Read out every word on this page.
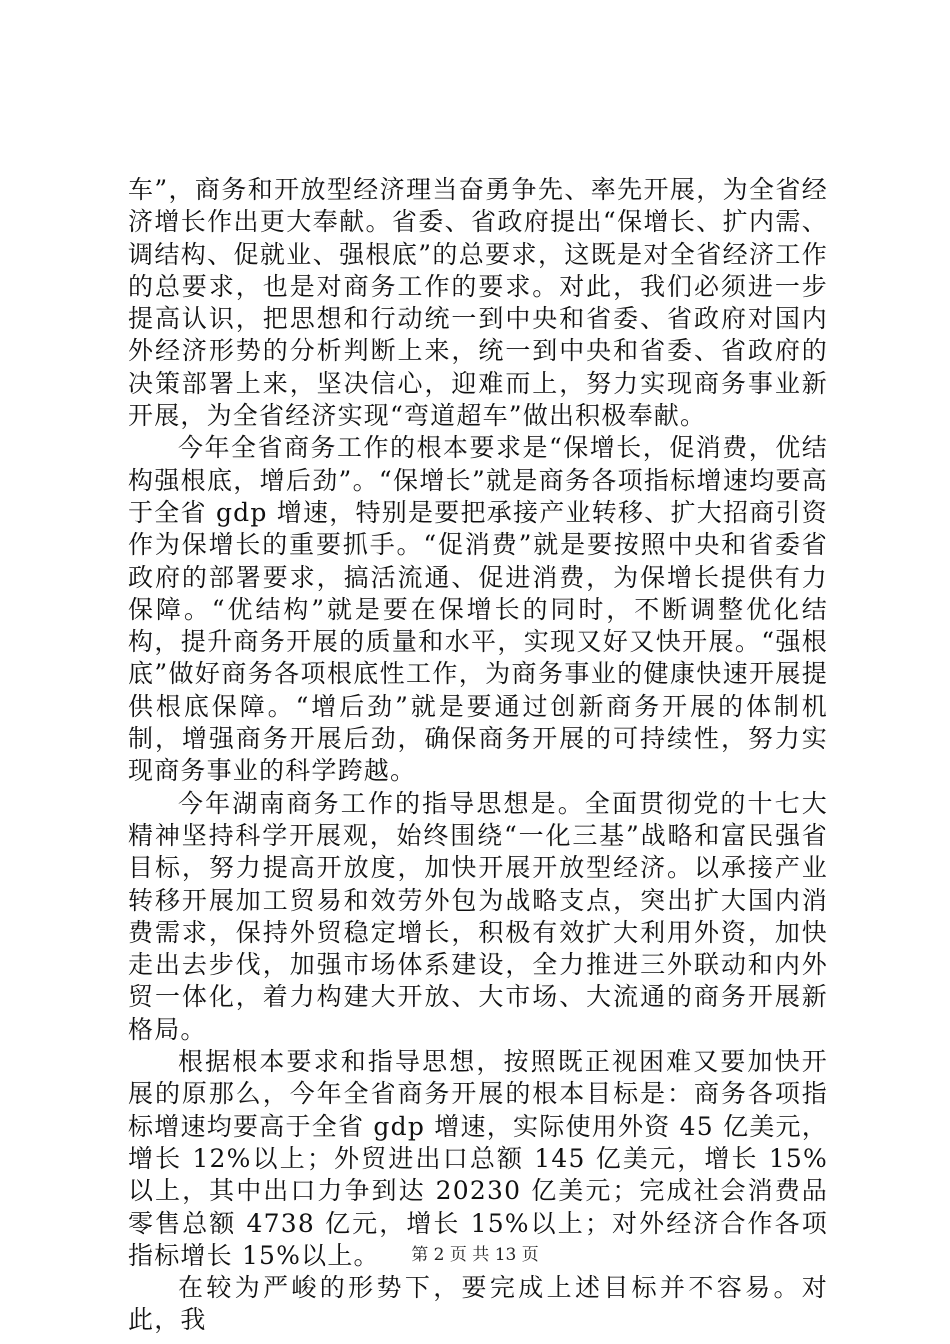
车”，商务和开放型经济理当奋勇争先、率先开展，为全省经济增长作出更大奉献。省委、省政府提出“保增长、扩内需、调结构、促就业、强根底”的总要求，这既是对全省经济工作的总要求，也是对商务工作的要求。对此，我们必须进一步提高认识，把思想和行动统一到中央和省委、省政府对国内外经济形势的分析判断上来，统一到中央和省委、省政府的决策部署上来，坚决信心，迎难而上，努力实现商务事业新开展，为全省经济实现“弯道超车”做出积极奉献。

今年全省商务工作的根本要求是“保增长，促消费，优结构强根底，增后劲”。“保增长”就是商务各项指标增速均要高于全省 gdp 增速，特别是要把承接产业转移、扩大招商引资作为保增长的重要抓手。“促消费”就是要按照中央和省委省政府的部署要求，搞活流通、促进消费，为保增长提供有力保障。“优结构”就是要在保增长的同时，不断调整优化结构，提升商务开展的质量和水平，实现又好又快开展。“强根底”做好商务各项根底性工作，为商务事业的健康快速开展提供根底保障。“增后劲”就是要通过创新商务开展的体制机制，增强商务开展后劲，确保商务开展的可持续性，努力实现商务事业的科学跨越。

今年湖南商务工作的指导思想是。全面贯彻党的十七大精神坚持科学开展观，始终围绕“一化三基”战略和富民强省目标，努力提高开放度，加快开展开放型经济。以承接产业转移开展加工贸易和效劳外包为战略支点，突出扩大国内消费需求，保持外贸稳定增长，积极有效扩大利用外资，加快走出去步伐，加强市场体系建设，全力推进三外联动和内外贸一体化，着力构建大开放、大市场、大流通的商务开展新格局。

根据根本要求和指导思想，按照既正视困难又要加快开展的原那么，今年全省商务开展的根本目标是：商务各项指标增速均要高于全省 gdp 增速，实际使用外资 45 亿美元，增长 12%以上；外贸进出口总额 145 亿美元，增长 15%以上，其中出口力争到达 20230 亿美元；完成社会消费品零售总额 4738 亿元，增长 15%以上；对外经济合作各项指标增长 15%以上。

在较为严峻的形势下，要完成上述目标并不容易。对此，我

第 2 页 共 13 页
